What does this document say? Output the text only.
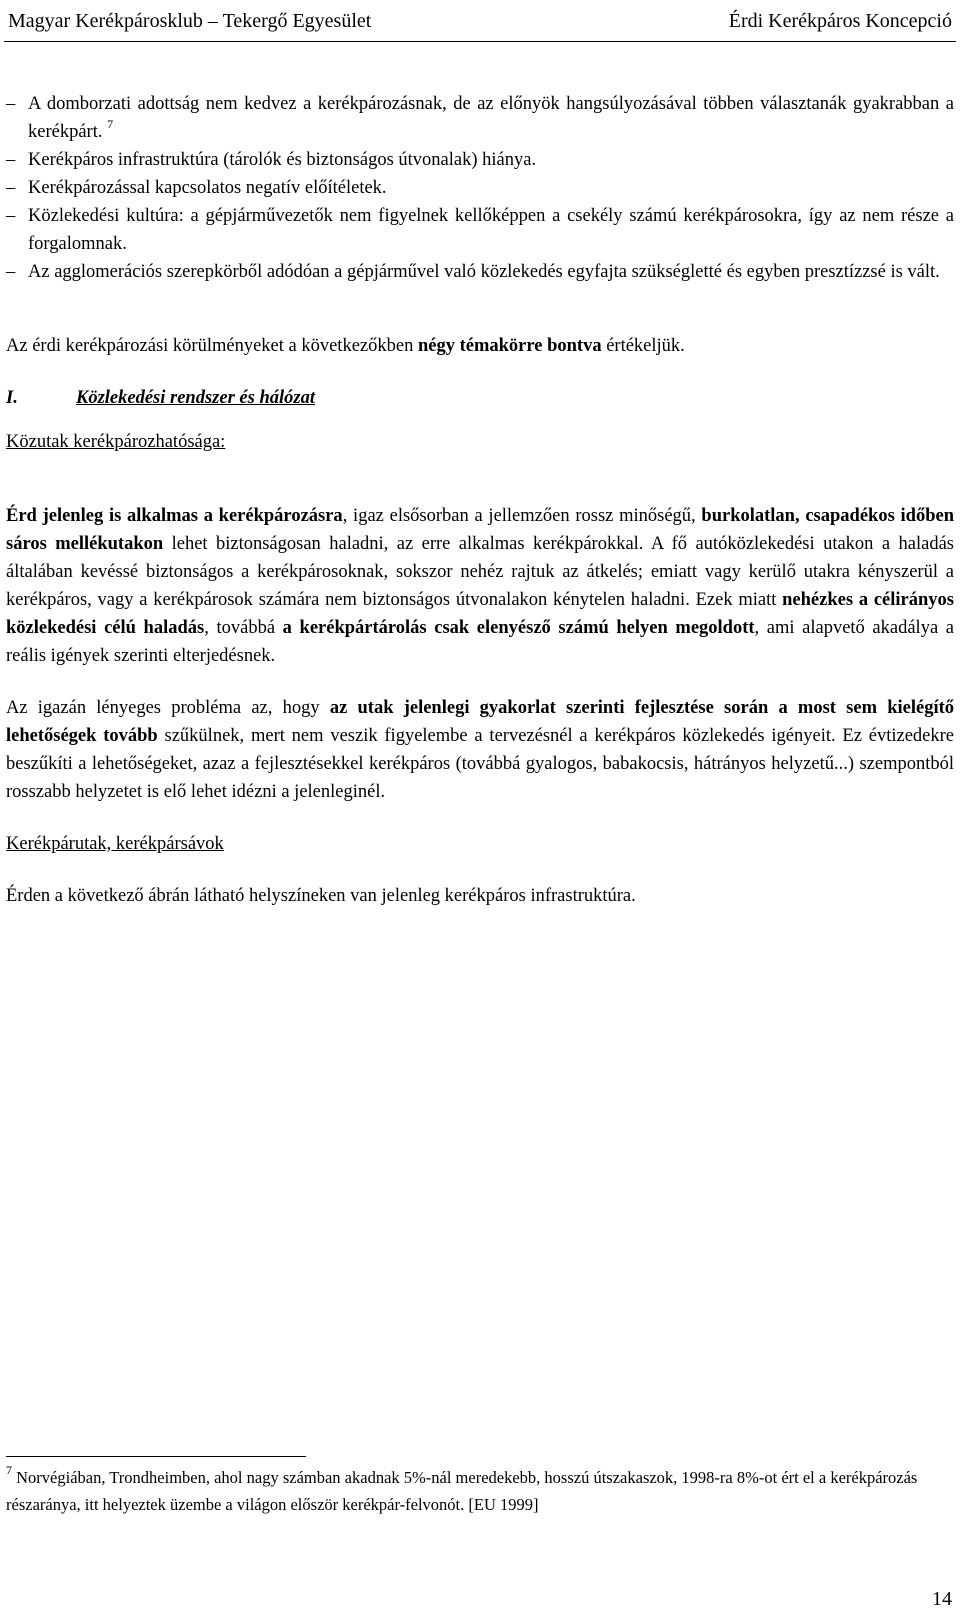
Magyar Kerékpárosklub – Tekergő Egyesület	Érdi Kerékpáros Koncepció
– A domborzati adottság nem kedvez a kerékpározásnak, de az előnyök hangsúlyozásával többen választanák gyakrabban a kerékpárt. $^7$
– Kerékpáros infrastruktúra (tárolók és biztonságos útvonalak) hiánya.
– Kerékpározással kapcsolatos negatív előítéletek.
– Közlekedési kultúra: a gépjárművezetők nem figyelnek kellőképpen a csekély számú kerékpárosokra, így az nem része a forgalomnak.
– Az agglomerációs szerepkörből adódóan a gépjárművel való közlekedés egyfajta szükségletté és egyben presztízzsé is vált.

Az érdi kerékpározási körülményeket a következőkben négy témakörre bontva értékeljük.

I.	Közlekedési rendszer és hálózat

Közutak kerékpározhatósága:

Érd jelenleg is alkalmas a kerékpározásra, igaz elsősorban a jellemzően rossz minőségű, burkolatlan, csapadékos időben sáros mellékutakon lehet biztonságosan haladni, az erre alkalmas kerékpárokkal. A fő autóközlekedési utakon a haladás általában kevéssé biztonságos a kerékpárosoknak, sokszor nehéz rajtuk az átkelés; emiatt vagy kerülő utakra kényszerül a kerékpáros, vagy a kerékpárosok számára nem biztonságos útvonalakon kénytelen haladni. Ezek miatt nehézkes a célirányos közlekedési célú haladás, továbbá a kerékpártárolás csak elenyésző számú helyen megoldott, ami alapvető akadálya a reális igények szerinti elterjedésnek.

Az igazán lényeges probléma az, hogy az utak jelenlegi gyakorlat szerinti fejlesztése során a most sem kielégítő lehetőségek tovább szűkülnek, mert nem veszik figyelembe a tervezésnél a kerékpáros közlekedés igényeit. Ez évtizedekre beszűkíti a lehetőségeket, azaz a fejlesztésekkel kerékpáros (továbbá gyalogos, babakocsis, hátrányos helyzetű...) szempontból rosszabb helyzetet is elő lehet idézni a jelenleginél.

Kerékpárutak, kerékpársávok

Érden a következő ábrán látható helyszíneken van jelenleg kerékpáros infrastruktúra.

$^7$ Norvégiában, Trondheimben, ahol nagy számban akadnak 5%-nál meredekebb, hosszú útszakaszok, 1998-ra 8%-ot ért el a kerékpározás részaránya, itt helyeztek üzembe a világon először kerékpár-felvonót. [EU 1999]
14
